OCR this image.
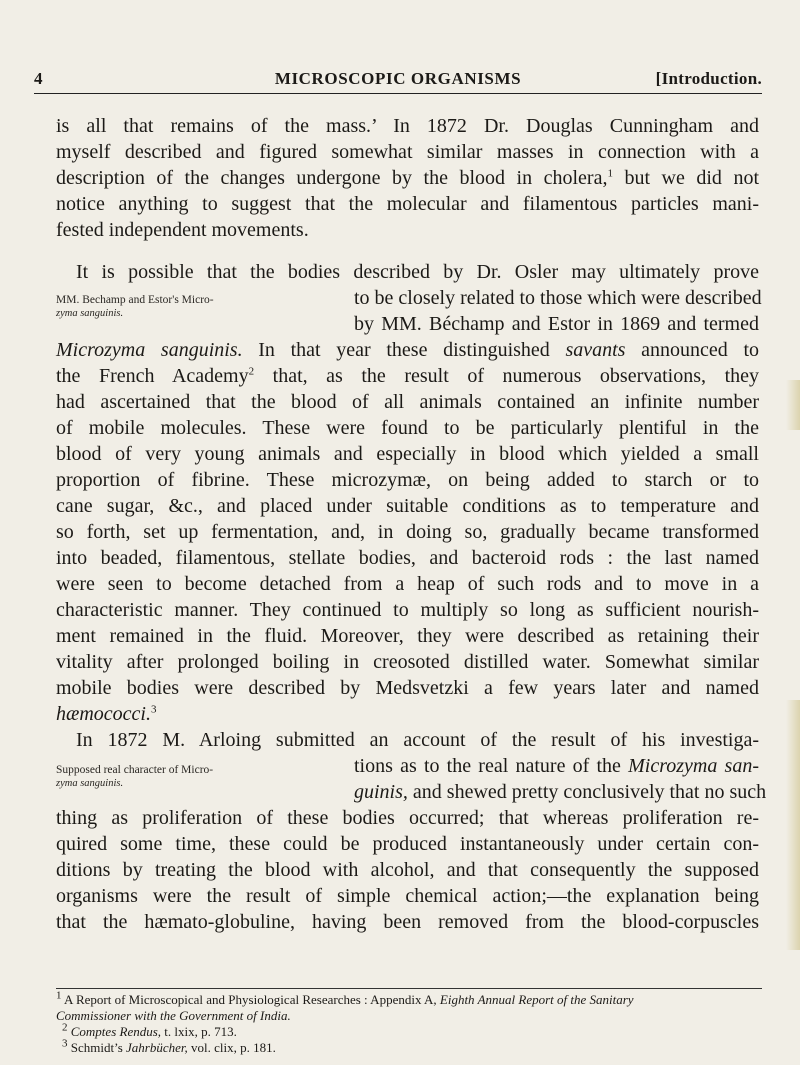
4	MICROSCOPIC ORGANISMS	[Introduction.
is all that remains of the mass.’ In 1872 Dr. Douglas Cunningham and
myself described and figured somewhat similar masses in connection with a
description of the changes undergone by the blood in cholera,$^1$ but we did not
notice anything to suggest that the molecular and filamentous particles mani-
fested independent movements.
It is possible that the bodies described by Dr. Osler may ultimately prove
to be closely related to those which were described
MM. Bechamp and Estor's Micro-
zyma sanguinis.	by MM. Béchamp and Estor in 1869 and termed
Microzyma sanguinis. In that year these distinguished savants announced to
the French Academy$^2$ that, as the result of numerous observations, they
had ascertained that the blood of all animals contained an infinite number
of mobile molecules. These were found to be particularly plentiful in the
blood of very young animals and especially in blood which yielded a small
proportion of fibrine. These microzymæ, on being added to starch or to
cane sugar, &c., and placed under suitable conditions as to temperature and
so forth, set up fermentation, and, in doing so, gradually became transformed
into beaded, filamentous, stellate bodies, and bacteroid rods : the last named
were seen to become detached from a heap of such rods and to move in a
characteristic manner. They continued to multiply so long as sufficient nourish-
ment remained in the fluid. Moreover, they were described as retaining their
vitality after prolonged boiling in creosoted distilled water. Somewhat similar
mobile bodies were described by Medsvetzki a few years later and named
hæmococci.$^3$
In 1872 M. Arloing submitted an account of the result of his investiga-
tions as to the real nature of the Microzyma san-
Supposed real character of Micro-
zyma sanguinis.	guinis, and shewed pretty conclusively that no such
thing as proliferation of these bodies occurred; that whereas proliferation re-
quired some time, these could be produced instantaneously under certain con-
ditions by treating the blood with alcohol, and that consequently the supposed
organisms were the result of simple chemical action;—the explanation being
that the hæmato-globuline, having been removed from the blood-corpuscles
$^1$ A Report of Microscopical and Physiological Researches : Appendix A, Eighth Annual Report of the Sanitary
Commissioner with the Government of India.
$^2$ Comptes Rendus, t. lxix, p. 713.
$^3$ Schmidt’s Jahrbücher, vol. clix, p. 181.
